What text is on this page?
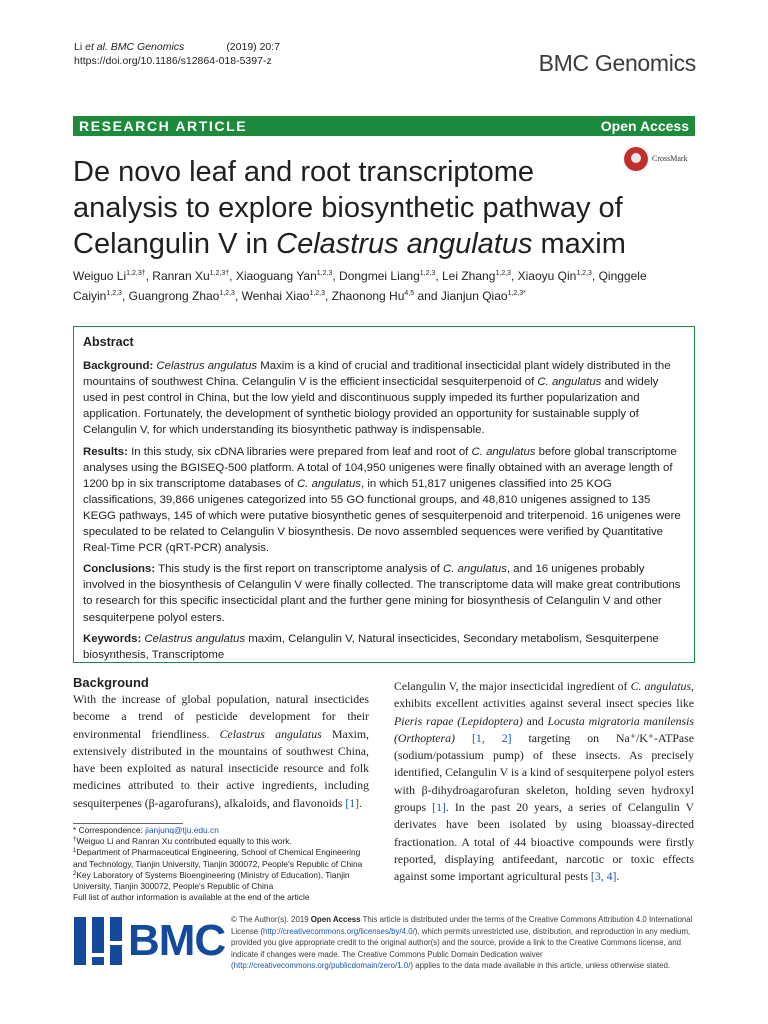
Li et al. BMC Genomics	(2019) 20:7
https://doi.org/10.1186/s12864-018-5397-z	BMC Genomics
RESEARCH ARTICLE	Open Access
De novo leaf and root transcriptome analysis to explore biosynthetic pathway of Celangulin V in Celastrus angulatus maxim
CrossMark
Weiguo $Li^{1,2,3\dagger}$, Ranran $Xu^{1,2,3\dagger}$, Xiaoguang Yan$^{1,2,3}$, Dongmei Liang$^{1,2,3}$, Lei Zhang$^{1,2,3}$, Xiaoyu Qin$^{1,2,3}$, Qinggele Caiyin$^{1,2,3}$, Guangrong Zhao$^{1,2,3}$, Wenhai Xiao$^{1,2,3}$, Zhaonong Hu$^{4,5}$ and Jianjun Qiao$^{1,2,3*}$
Abstract

Background: Celastrus angulatus Maxim is a kind of crucial and traditional insecticidal plant widely distributed in the mountains of southwest China. Celangulin V is the efficient insecticidal sesquiterpenoid of C. angulatus and widely used in pest control in China, but the low yield and discontinuous supply impeded its further popularization and application. Fortunately, the development of synthetic biology provided an opportunity for sustainable supply of Celangulin V, for which understanding its biosynthetic pathway is indispensable.

Results: In this study, six cDNA libraries were prepared from leaf and root of C. angulatus before global transcriptome analyses using the BGISEQ-500 platform. A total of 104,950 unigenes were finally obtained with an average length of 1200 bp in six transcriptome databases of C. angulatus, in which 51,817 unigenes classified into 25 KOG classifications, 39,866 unigenes categorized into 55 GO functional groups, and 48,810 unigenes assigned to 135 KEGG pathways, 145 of which were putative biosynthetic genes of sesquiterpenoid and triterpenoid. 16 unigenes were speculated to be related to Celangulin V biosynthesis. De novo assembled sequences were verified by Quantitative Real-Time PCR (qRT-PCR) analysis.

Conclusions: This study is the first report on transcriptome analysis of C. angulatus, and 16 unigenes probably involved in the biosynthesis of Celangulin V were finally collected. The transcriptome data will make great contributions to research for this specific insecticidal plant and the further gene mining for biosynthesis of Celangulin V and other sesquiterpene polyol esters.

Keywords: Celastrus angulatus maxim, Celangulin V, Natural insecticides, Secondary metabolism, Sesquiterpene biosynthesis, Transcriptome

Background
With the increase of global population, natural insecticides become a trend of pesticide development for their environmental friendliness. Celastrus angulatus Maxim, extensively distributed in the mountains of southwest China, have been exploited as natural insecticide resource and folk medicines attributed to their active ingredients, including sesquiterpenes (β-agarofurans), alkaloids, and flavonoids [1].
Celangulin V, the major insecticidal ingredient of C. angulatus, exhibits excellent activities against several insect species like Pieris rapae (Lepidoptera) and Locusta migratoria manilensis (Orthoptera) [1, 2] targeting on Na⁺/K⁺-ATPase (sodium/potassium pump) of these insects. As precisely identified, Celangulin V is a kind of sesquiterpene polyol esters with β-dihydroagarofuran skeleton, holding seven hydroxyl groups [1]. In the past 20 years, a series of Celangulin V derivates have been isolated by using bioassay-directed fractionation. A total of 44 bioactive compounds were firstly reported, displaying antifeedant, narcotic or toxic effects against some important agricultural pests [3, 4].
* Correspondence: jianjunq@tju.edu.cn
†Weiguo Li and Ranran Xu contributed equally to this work.
$^1$Department of Pharmaceutical Engineering, School of Chemical Engineering and Technology, Tianjin University, Tianjin 300072, People's Republic of China
$^2$Key Laboratory of Systems Bioengineering (Ministry of Education), Tianjin University, Tianjin 300072, People's Republic of China
Full list of author information is available at the end of the article
BMC © The Author(s). 2019 Open Access This article is distributed under the terms of the Creative Commons Attribution 4.0 International License (http://creativecommons.org/licenses/by/4.0/), which permits unrestricted use, distribution, and reproduction in any medium, provided you give appropriate credit to the original author(s) and the source, provide a link to the Creative Commons license, and indicate if changes were made. The Creative Commons Public Domain Dedication waiver (http://creativecommons.org/publicdomain/zero/1.0/) applies to the data made available in this article, unless otherwise stated.
